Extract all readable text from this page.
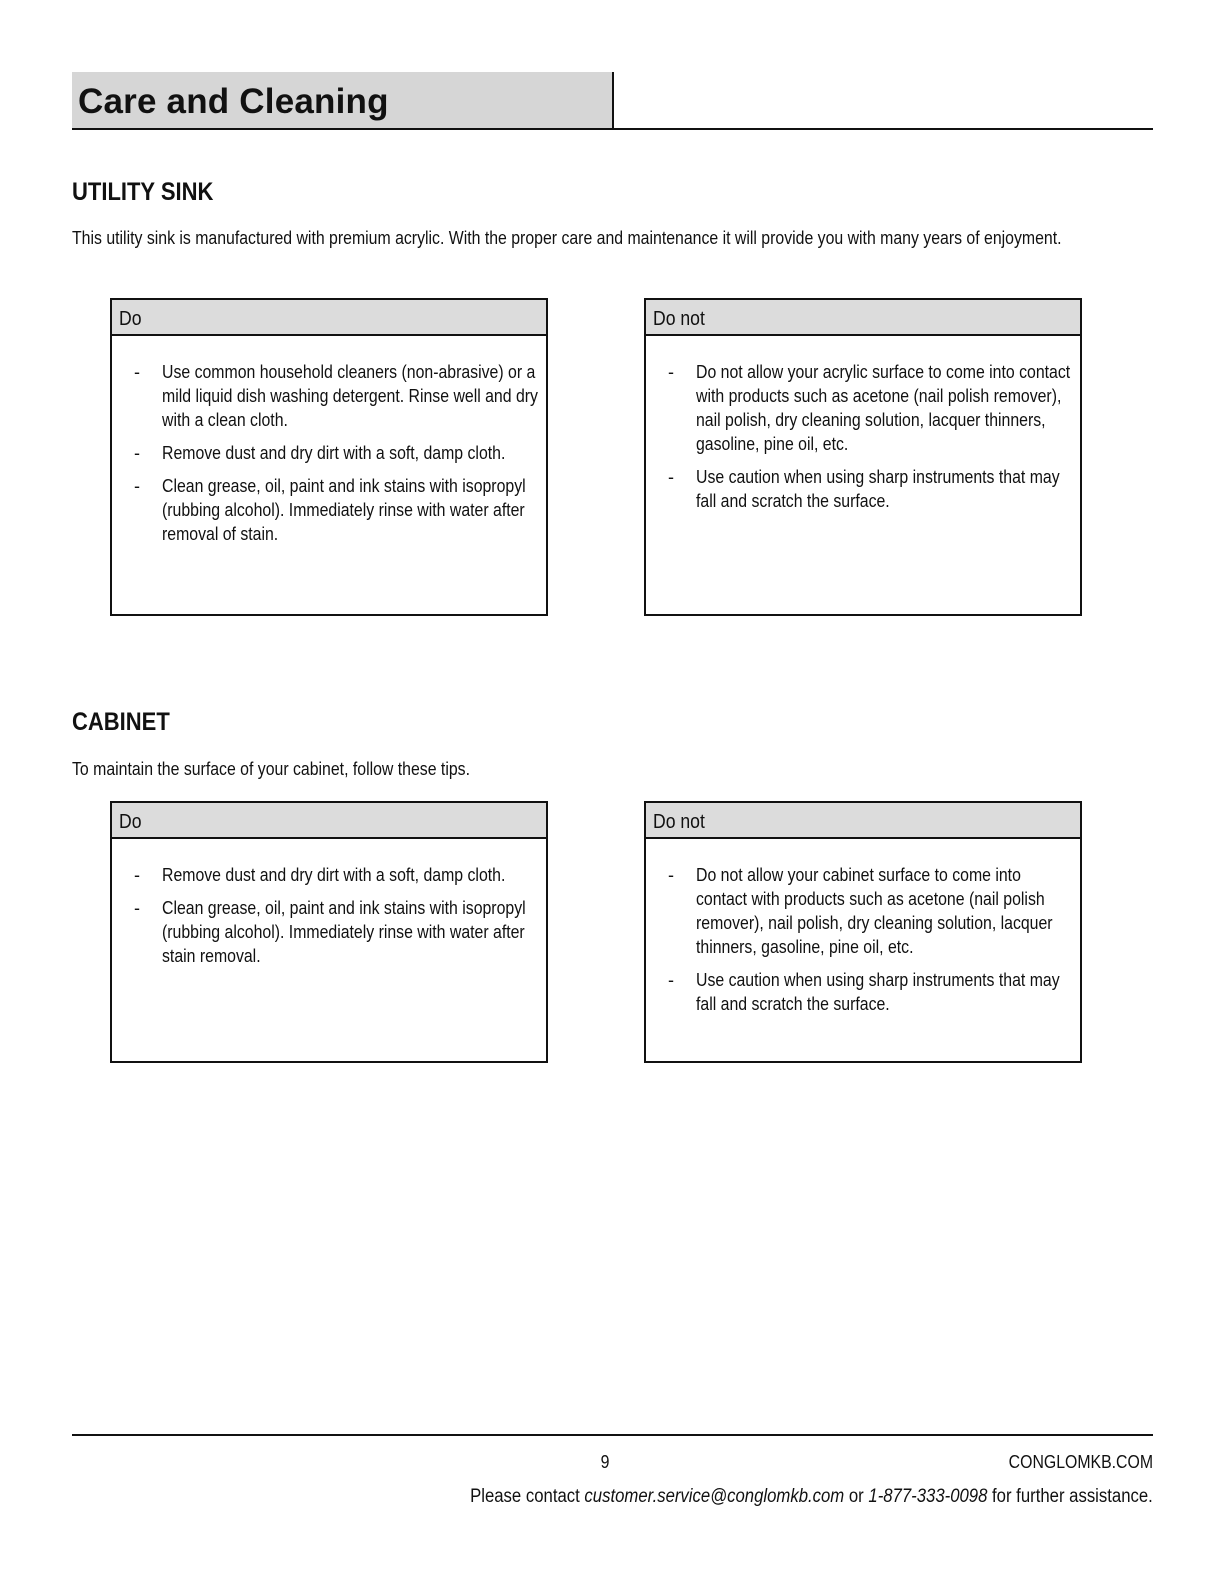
Care and Cleaning
UTILITY SINK

This utility sink is manufactured with premium acrylic. With the proper care and maintenance it will provide you with many years of enjoyment.

Do
-	Use common household cleaners (non-abrasive) or a mild liquid dish washing detergent. Rinse well and dry with a clean cloth.
-	Remove dust and dry dirt with a soft, damp cloth.
-	Clean grease, oil, paint and ink stains with isopropyl (rubbing alcohol). Immediately rinse with water after removal of stain.
Do not
-	Do not allow your acrylic surface to come into contact with products such as acetone (nail polish remover), nail polish, dry cleaning solution, lacquer thinners, gasoline, pine oil, etc.
-	Use caution when using sharp instruments that may fall and scratch the surface.
CABINET

To maintain the surface of your cabinet, follow these tips.

Do
-	Remove dust and dry dirt with a soft, damp cloth.
-	Clean grease, oil, paint and ink stains with isopropyl (rubbing alcohol). Immediately rinse with water after stain removal.
Do not
-	Do not allow your cabinet surface to come into contact with products such as acetone (nail polish remover), nail polish, dry cleaning solution, lacquer thinners, gasoline, pine oil, etc.
-	Use caution when using sharp instruments that may fall and scratch the surface.
9	CONGLOMKB.COM
Please contact customer.service@conglomkb.com or 1-877-333-0098 for further assistance.
